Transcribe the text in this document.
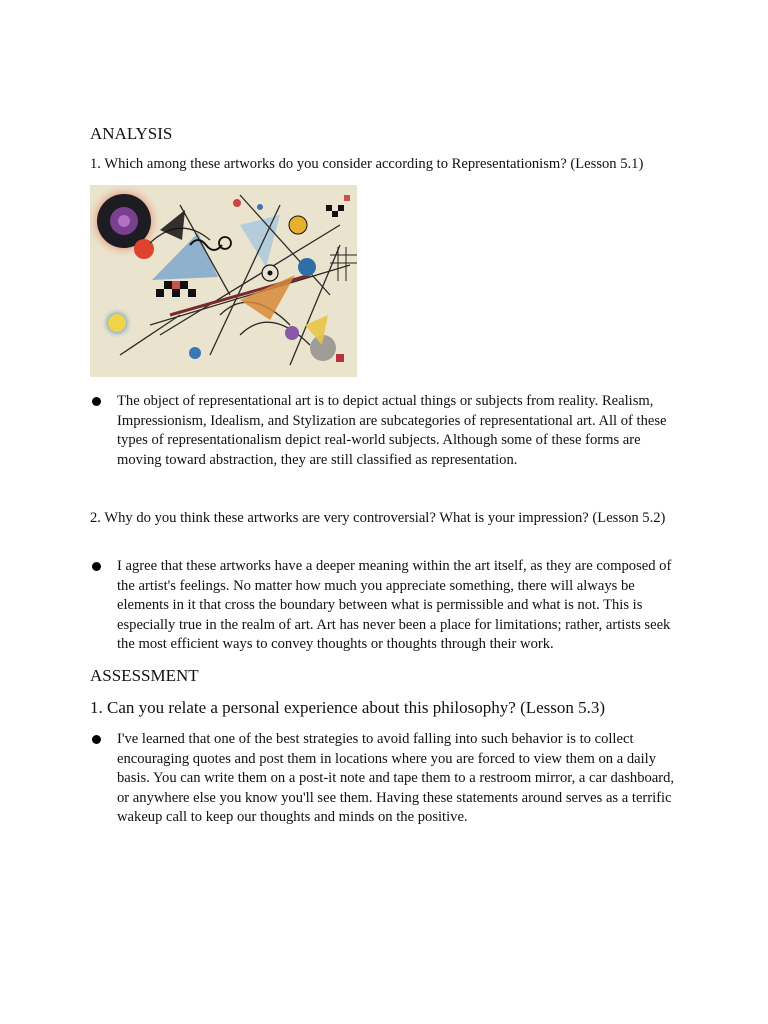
ANALYSIS
1. Which among these artworks do you consider according to Representationism? (Lesson 5.1)
The object of representational art is to depict actual things or subjects from reality. Realism, Impressionism, Idealism, and Stylization are subcategories of representational art. All of these types of representationalism depict real-world subjects. Although some of these forms are moving toward abstraction, they are still classified as representation.
2. Why do you think these artworks are very controversial? What is your impression? (Lesson 5.2)
I agree that these artworks have a deeper meaning within the art itself, as they are composed of the artist's feelings. No matter how much you appreciate something, there will always be elements in it that cross the boundary between what is permissible and what is not. This is especially true in the realm of art. Art has never been a place for limitations; rather, artists seek the most efficient ways to convey thoughts or thoughts through their work.
ASSESSMENT
1. Can you relate a personal experience about this philosophy? (Lesson 5.3)
I've learned that one of the best strategies to avoid falling into such behavior is to collect encouraging quotes and post them in locations where you are forced to view them on a daily basis. You can write them on a post-it note and tape them to a restroom mirror, a car dashboard, or anywhere else you know you'll see them. Having these statements around serves as a terrific wakeup call to keep our thoughts and minds on the positive.
